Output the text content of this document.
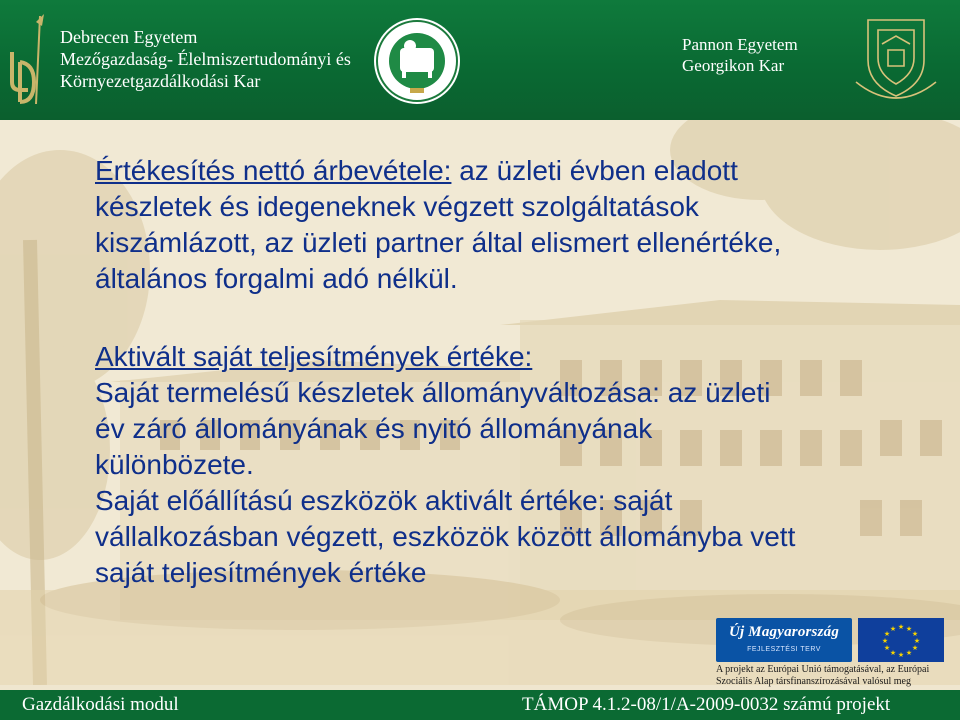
Debrecen Egyetem
Mezőgazdaság- Élelmiszertudományi és
Környezetgazdálkodási Kar
Pannon Egyetem
Georgikon Kar
Értékesítés nettó árbevétele: az üzleti évben eladott
készletek és idegeneknek végzett szolgáltatások
kiszámlázott, az üzleti partner által elismert ellenértéke,
általános forgalmi adó nélkül.
Aktivált saját teljesítmények értéke:
Saját termelésű készletek állományváltozása: az üzleti
év záró állományának és nyitó állományának
különbözete.
Saját előállítású eszközök aktivált értéke: saját
vállalkozásban végzett, eszközök között állományba vett
saját teljesítmények értéke
Új Magyarország
FEJLESZTÉSI TERV
★ ★
★
★
★
★
★
★
★
★
★
★
A projekt az Európai Unió támogatásával, az Európai
Szociális Alap társfinanszírozásával valósul meg
Gazdálkodási modul	TÁMOP 4.1.2-08/1/A-2009-0032 számú projekt
